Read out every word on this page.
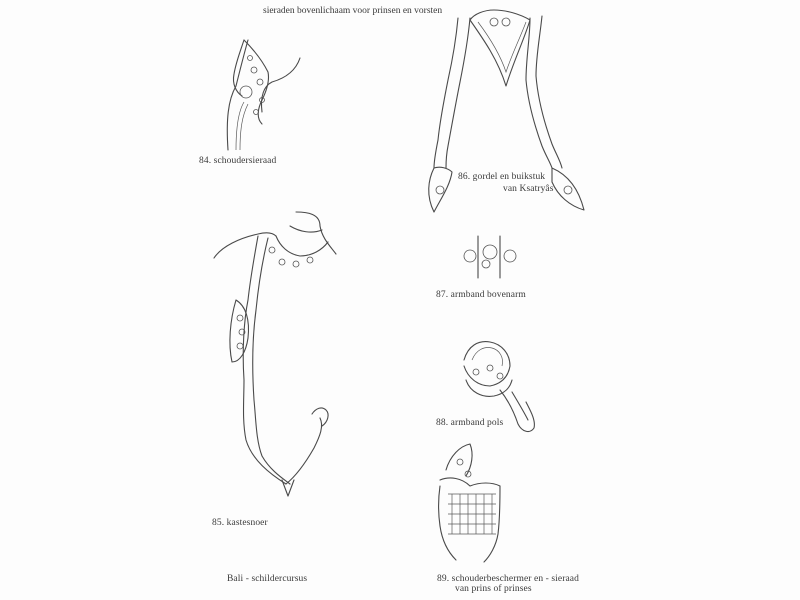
sieraden bovenlichaam voor prinsen en vorsten
84. schoudersieraad
86. gordel en buikstuk
van Ksatryâs
87. armband bovenarm
88. armband pols
85. kastesnoer
Bali - schildercursus	89. schouderbeschermer en - sieraad
van prins of prinses
